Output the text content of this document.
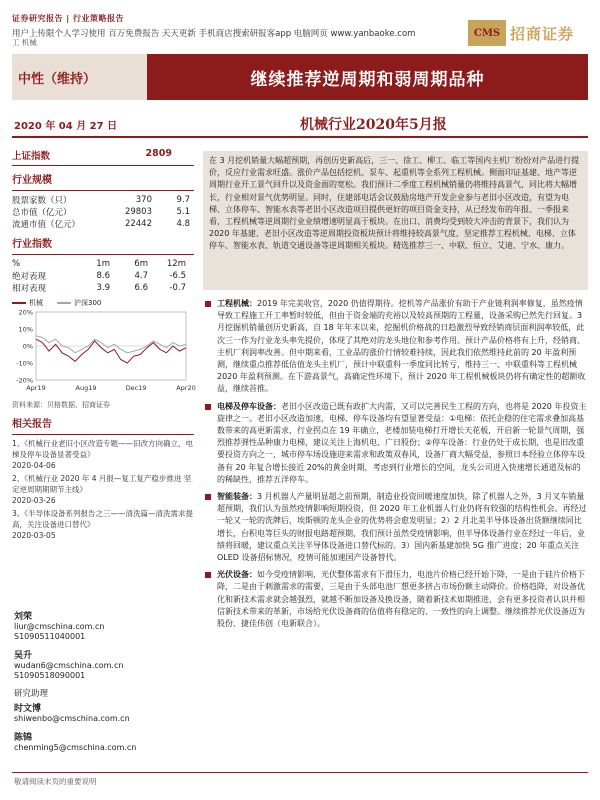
证券研究报告 | 行业策略报告
用户上传限个人学习使用 百万免费报告 天天更新 手机商店搜索研报客app 电脑网页 www.yanbaoke.com
工 机械
CMS 招商证券
中性（维持）	继续推荐逆周期和弱周期品种
2020 年 04 月 27 日	机械行业2020年5月报
上证指数	2809
行业规模
股票家数（只）	370	9.7
总市值（亿元）	29803	5.1
流通市值（亿元）	22442	4.8
行业指数
%	1m	6m	12m
绝对表现	8.6	4.7	-6.5
相对表现	3.9	6.6	-0.7
机械	沪深300
20%
10%
0%
-10%
-20%
Apr19	Aug19	Dec19	Apr20
资料来源：贝格数据、招商证券
相关报告
1、《机械行业老旧小区改造专题——旧改方向确立，电梯及停车设备显著受益》
2020-04-06
2、《机械行业 2020 年 4 月报—复工复产稳步推进 坚定逆周期期期节主线》
2020-03-26
3、《半导体设备系列报告之三——清洗篇—清洗需求提高，关注设备进口替代》
2020-03-05
刘荣
liur@cmschina.com.cn
S1090511040001
吴升
wudan6@cmschina.com.cn
S1090518090001
研究助理
时文博
shiwenbo@cmschina.com.cn
陈锦
chenming5@cmschina.com.cn
在 3 月挖机销量大幅超预期，再创历史新高后，三一、徐工、柳工、临工等国内主机厂纷纷对产品进行提价，反应行业需求旺盛。涨价产品包括挖机、泵车、起重机等全系列工程机械。侧面印证基建、地产等逆周期行业开工景气回升以及资金面的宽松。我们预计二季度工程机械销量仍将维持高景气，同比将大幅增长，行业相对景气优势明显。同时，住建部电话会议鼓励房地产开发企业参与老旧小区改造，有望为电梯、立体停车、智能水表等老旧小区改造项目提供更好的项目资金支持，从已经发布的年报、一季报来看，工程机械等逆周期行业业绩增速明显高于板块。在出口、消费均受到较大冲击的背景下，我们认为 2020 年基建、老旧小区改造等逆周期投资板块预计将维持较高景气度，坚定推荐工程机械、电梯、立体停车、智能水表、轨道交通设备等逆周期相关板块。精选推荐三一、中联、恒立、艾迪、宁水、康力。
工程机械：2019 年完美收官，2020 仍值得期待。挖机等产品涨价有助于产业链利润率修复，虽然疫情导致工程施工开工率暂时较低，但由于资金端的充裕以及较高预期的工程量，设备采购已然先行回复。3 月挖掘机销量创历史新高，自 18 年年末以来，挖掘机价格战的日趋激烈导致经销商层面利润率较低，此次三一作为行业龙头率先提价，体现了其绝对的龙头地位和参考作用。预计产品价格将有上升，经销商、主机厂利润率改善。但中期来看，工业品的涨价行情较难持续，因此我们依然维持此前的 20 年盈利预测，继续重点推荐低估值龙头主机厂，预计中联重科一季度同比转亏，维持三一、中联重科等工程机械 2020 年盈利预测。在下游高景气，高确定性环境下，预计 2020 年工程机械板块仍将有确定性的超额收益，继续首推。
电梯及停车设备：老旧小区改造已既有政扩大内需，又可以完善民生工程的方向，也将是 2020 年投资主旋律之一。老旧小区改造加速，电梯、停车设备均有望显著受益：①电梯：依托企稳的住宅需求叠加高基数带来的高更新需求，行业拐点在 19 年确立，老楼加装电梯打开增长天花板，开启新一轮景气周期，强烈推荐弹性品种康力电梯，建议关注上海机电、广日股份；②停车设备：行业仍处于成长期，也是旧改重要投资方向之一，城市停车场设施迎来需求和政策双春风，设备厂商大幅受益，参照日本经验立体停车设备有 20 年复合增长接近 20%的黄金时期，考虑到行业增长的空间，龙头公司进入快速增长通道及标的的稀缺性，推荐五洋停车。
智能装备：3 月机器人产量明显超之前预期，制造业投资回暖速度加快，除了机器人之外，3 月叉车销量超预期，我们认为虽然疫情影响短期投资，但 2020 年工业机器人行业仍将有较强的结构性机会。再经过一轮又一轮的洗牌后，埃斯顿的龙头企业的优势将会愈发明显；2）2 月北美半导体设备出货额继续同比增长，台积电等巨头的财报电路超预期，我们预计虽然受疫情影响，但半导体设备行业在经过一年后，业绩将回暖，建议重点关注半导体设备进口替代标的。3）国内新基建加快 5G 推广进度；20 年重点关注 OLED 设备招标情况，疫情可能加速国产设备替代。
光伏设备：如今受疫情影响，光伏整体需求有下滑压力，电池片价格已经开始下降，一是由于硅片价格下降，二是由于刺激需求的需要，三是由于头部电池厂想更多挤占市场份额主动降价。价格趋降，对设备优化和新技术需求就会越强烈，就越不断加设备及换设备，随着新技术如期推进，会有更多投资者认识并相信新技术带来的革新，市场给光伏设备商的估值将有稳定的、一致性的向上调整。继续推荐光伏设备迈为股份、捷佳伟创（电新联合）。
敬请阅读末页的重要说明
